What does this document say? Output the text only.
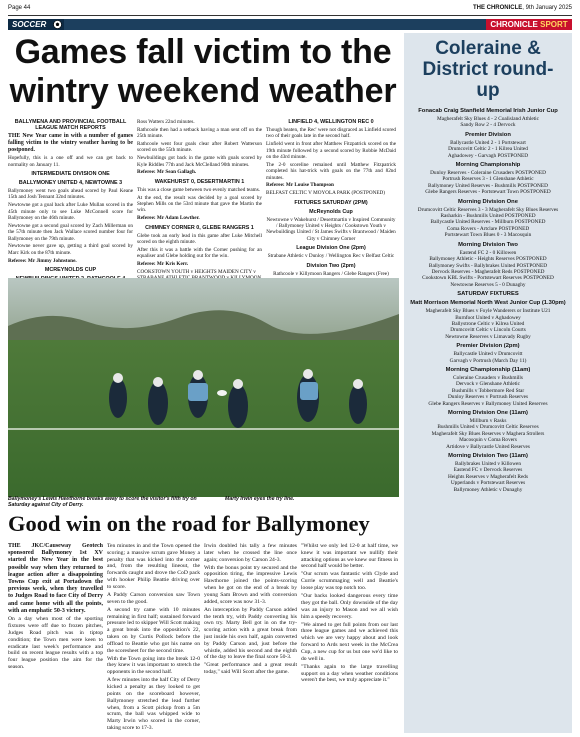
Page 44	THE CHRONICLE, 9th January 2025
SOCCER	CHRONICLE SPORT
Games fall victim to the wintry weekend weather
BALLYMENA AND PROVINCIAL FOOTBALL LEAGUE MATCH REPORTS

THE New Year came in with a number of games falling victim to the wintry weather having to be postponed.

Hopefully, this is a one off and we can get back to normality on January 11.

INTERMEDIATE DIVISION ONE
BALLYMONEY UNITED 4, NEWTOWNE 3

Ballymoney went two goals ahead scored by Paul Keane 15th and Josh Tennant 32nd minutes.

Newtowne got a goal back after Luke Mullan scored in the 45th minute only to see Luke McConnell score for Ballymoney on the 46th minute.

Newtowne got a second goal scored by Zach Millerman on the 57th minute then Jack Wallace scored number four for Ballymoney on the 79th minute.

Newtowne never gave up, getting a third goal scored by Marc Kirk on the 87th minute.

Referee: Mr Jimmy Johnstone.

MCREYNOLDS CUP

Ross Watters 22nd minutes.

Rathcoole then had a setback having a man sent off on the 25th minute.

Rathcoole went four goals clear after Robert Watterson scored on the 55th minute.

Newbuildings got back in the game with goals scored by Kyle Riddles 77th and Jack McClelland 90th minutes.

Referee: Mr Sean Gallagh.

WAKEHURST 0, DESERTMARTIN 1

This was a close game between two evenly matched teams.

At the end, the result was decided by a goal scored by Stephen Mills on the 53rd minute that gave the Martin the win.

Referee: Mr Adam Lowther.

CHIMNEY CORNER 0, GLEBE RANGERS 1

Glebe took an early lead in this game after Luke Mitchell scored on the eighth minute.

After this it was a battle with the Corner pushing for an equaliser and Glebe holding out for the win.

Referee: Mr Kris Kerr.

COOKSTOWN YOUTH v HEIGHTS MAIDEN CITY v

LINFIELD 4, WELLINGTON REC 0

Though beaten, the Rec' were not disgraced as Linfield scored two of their goals late in the second half.

Linfield went in front after Matthew Fitzpatrick scored on the 19th minute followed by a second scored by Robbie McDaid on the 43rd minute.

The 2-0 scoreline remained until Matthew Fitzpatrick completed his hat-trick with goals on the 77th and 82nd minutes.

Referee: Mr Louise Thompson

BELFAST CELTIC V MOYOLA PARK (POSTPONED)

FIXTURES SATURDAY (2PM)
McReynolds Cup

Newtowne v Wakehurst / Desertmartin v Inspired Community / Ballymoney United v Heights / Cookstown Youth v Newbuildings United / St James Swifts v Brantwood / Maiden City v Chimney Corner

League Division One (2pm)

Strabane Athletic v Dunloy / Wellington Rec v Belfast Celtic

Division Two (2pm)

Rathcoole v Killymoon Rangers / Glebe Rangers (Free)

Ballymoney's Lewis Hawthorne breaks away to score the visitor's fifth try on Saturday against City of Derry.
Marty Irwin eyes the try line.
Good win on the road for Ballymoney

THE JKC/Causeway Geotech sponsored Ballymoney 1st XV started the New Year in the best possible way when they returned to league action after a disappointing Towns Cup exit at Portadown the previous week, when they travelled to Judges Road to face City of Derry and came home with all the points, with an emphatic 50-3 victory.

On a day when most of the sporting fixtures were off due to frozen pitches, Judges Road pitch was in tiptop condition; the Town men were keen to eradicate last week's performance and build on recent league results with a top four league position the aim for the season.

Ten minutes in and the Town opened the scoring; a massive scrum gave Money a penalty that was kicked into the corner and, from the resulting lineout, the forwards caught and drove the CoD pack with hooker Philip Beattie driving over to score.

A Paddy Carson conversion saw Town seven to the good.

A second try came with 10 minutes remaining in first half; sustained forward pressure led to skipper Will Scott making a great break into the opposition's 22, taken on by Curtis Pollock before the offload to Beattie who got his name on the scoresheet for the second time.

With the Town going into the break 12-0 they knew it was important to stretch the opponents in the second half.

A few minutes into the half City of Derry kicked a penalty as they looked to get points on the scoreboard however, Ballymoney stretched the lead further when, from a Scott pickup from a 5m scrum, the ball was whipped wide to Marty Irwin who scored in the corner, taking score to 17-3.

Irwin doubled his tally a few minutes later when he crossed the line once again; conversion by Carson 24-3.

With the bonus point try secured and the opposition tiring, the impressive Lewis Hawthorne joined the points-scoring when he got on the end of a break by young Sam Brown and with conversion added, score was now 31-3.

An interception by Paddy Carson added the tenth try, with Paddy converting his own try. Marty Bell got in on the try-scoring action with a great break from just inside his own half, again converted by Paddy Carson and, just before the whistle, added his second and the eighth of the day to leave the final score 50-3.

"Great performance and a great result today," said Will Scott after the game.

"Whilst we only led 12-0 at half time, we knew it was important we nullify their attacking options as we knew our fitness in second half would be better.

"Our scrum was fantastic with Clyde and Currie scrummaging well and Beattie's loose play was top notch too.

"Our backs looked dangerous every time they got the ball. Only downside of the day was an injury to Mason and we all wish him a speedy recovery.

"We aimed to get full points from our last three league games and we achieved this which we are very happy about and look forward to Ards next week in the McCrea Cup, a new cup for us but one we'd like to do well in.

"Thanks again to the large travelling support on a day when weather conditions weren't the best, we truly appreciate it."

Coleraine & District round-up
Fonacab Craig Stanfield Memorial Irish Junior Cup

Magherafelt Sky Blues 4 - 2 Coalisland Athletic

Sandy Row 2 - 4 Dervock

Premier Division

Ballycastle United 2 - 1 Portstewart

Drumcovitt Celtic 2 - 1 Kilrea United

Aghadowey - Garvagh POSTPONED

Morning Championship

Dunloy Reserves - Coleraine Crusaders POSTPONED

Portrush Reserves 3 - 1 Glenshane Athletic

Ballymoney United Reserves - Bushmills POSTPONED

Glebe Rangers Reserves - Portstewart Town POSTPONED

Morning Division One

Drumcovitt Celtic Reserves 3 - 3 Magherafelt Sky Blues Reserves

Rasharkin - Bushmills United POSTPONED

Ballycastle United Reserves - Millburn POSTPONED

Coma Rovers - Artclare POSTPONED

Portstewart Town Blues 0 - 3 Macosquin

Morning Division Two

Eastend FC 2 - 0 Killowen

Ballymoney Athletic - Heights Reserves POSTPONED

Ballymoney Swifts - Ballybrakes United POSTPONED

Dervock Reserves - Magherafelt Reds POSTPONED

Cookstown KBL Swifts - Portstewart Reserves POSTPONED

Newtowne Reserves 5 - 0 Dunaghy

SATURDAY FIXTURES
Matt Morrison Memorial North West Junior Cup (1.30pm)

Magherafelt Sky Blues v Foyle Wanderers or Institute U21

Burnfoot United v Aghadowey

Ballystrone Celtic v Kilrea United

Drumcovitt Celtic v Lincoln Courts

Newtowne Reserves v Limavady Rugby

Premier Division (2pm)

Ballycastle United v Drumcovitt

Garvagh v Portrush (March Day 11)

Morning Championship (11am)

Coleraine Crusaders v Bushmills

Dervock v Glenshane Athletic

Bushmills v Tobbermore Red Star

Dunloy Reserves v Portrush Reserves

Glebe Rangers Reserves v Ballymoney United Reserves

Morning Division One (11am)

Millburn v Rasks

Bushmills United v Drumcovitt Celtic Reserves

Magherafelt Sky Blues Reserves v Maghera Strollers

Macosquin v Coma Rovers

Artidove v Ballycastle United Reserves

Morning Division Two (11am)

Ballybrakes United v Killowen

Eastend FC v Dervock Reserves

Heights Reserves v Magherafelt Reds

Upperlands v Portstewart Reserves

Ballymoney Athletic v Dunaghy
